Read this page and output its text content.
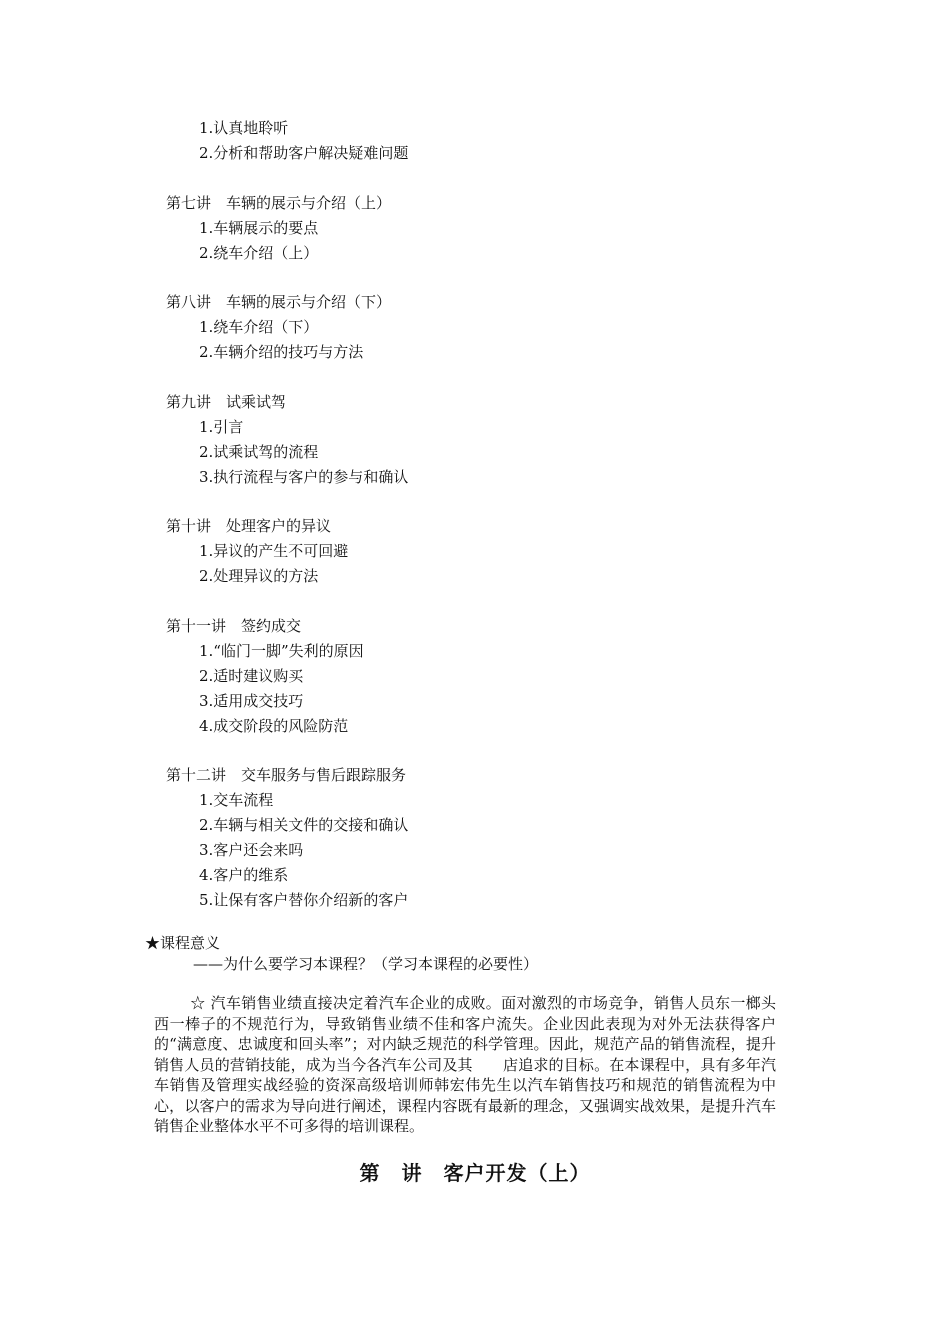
1.认真地聆听
2.分析和帮助客户解决疑难问题
第七讲　车辆的展示与介绍（上）
1.车辆展示的要点
2.绕车介绍（上）
第八讲　车辆的展示与介绍（下）
1.绕车介绍（下）
2.车辆介绍的技巧与方法
第九讲　试乘试驾
1.引言
2.试乘试驾的流程
3.执行流程与客户的参与和确认
第十讲　处理客户的异议
1.异议的产生不可回避
2.处理异议的方法
第十一讲　签约成交
1.“临门一脚”失利的原因
2.适时建议购买
3.适用成交技巧
4.成交阶段的风险防范
第十二讲　交车服务与售后跟踪服务
1.交车流程
2.车辆与相关文件的交接和确认
3.客户还会来吗
4.客户的维系
5.让保有客户替你介绍新的客户
★课程意义
——为什么要学习本课程？（学习本课程的必要性）
☆ 汽车销售业绩直接决定着汽车企业的成败。面对激烈的市场竞争，销售人员东一榔头西一棒子的不规范行为，导致销售业绩不佳和客户流失。企业因此表现为对外无法获得客户的“满意度、忠诚度和回头率”；对内缺乏规范的科学管理。因此，规范产品的销售流程，提升销售人员的营销技能，成为当今各汽车公司及其　　店追求的目标。在本课程中，具有多年汽车销售及管理实战经验的资深高级培训师韩宏伟先生以汽车销售技巧和规范的销售流程为中心，以客户的需求为导向进行阐述，课程内容既有最新的理念，又强调实战效果，是提升汽车销售企业整体水平不可多得的培训课程。
第　讲　客户开发（上）
